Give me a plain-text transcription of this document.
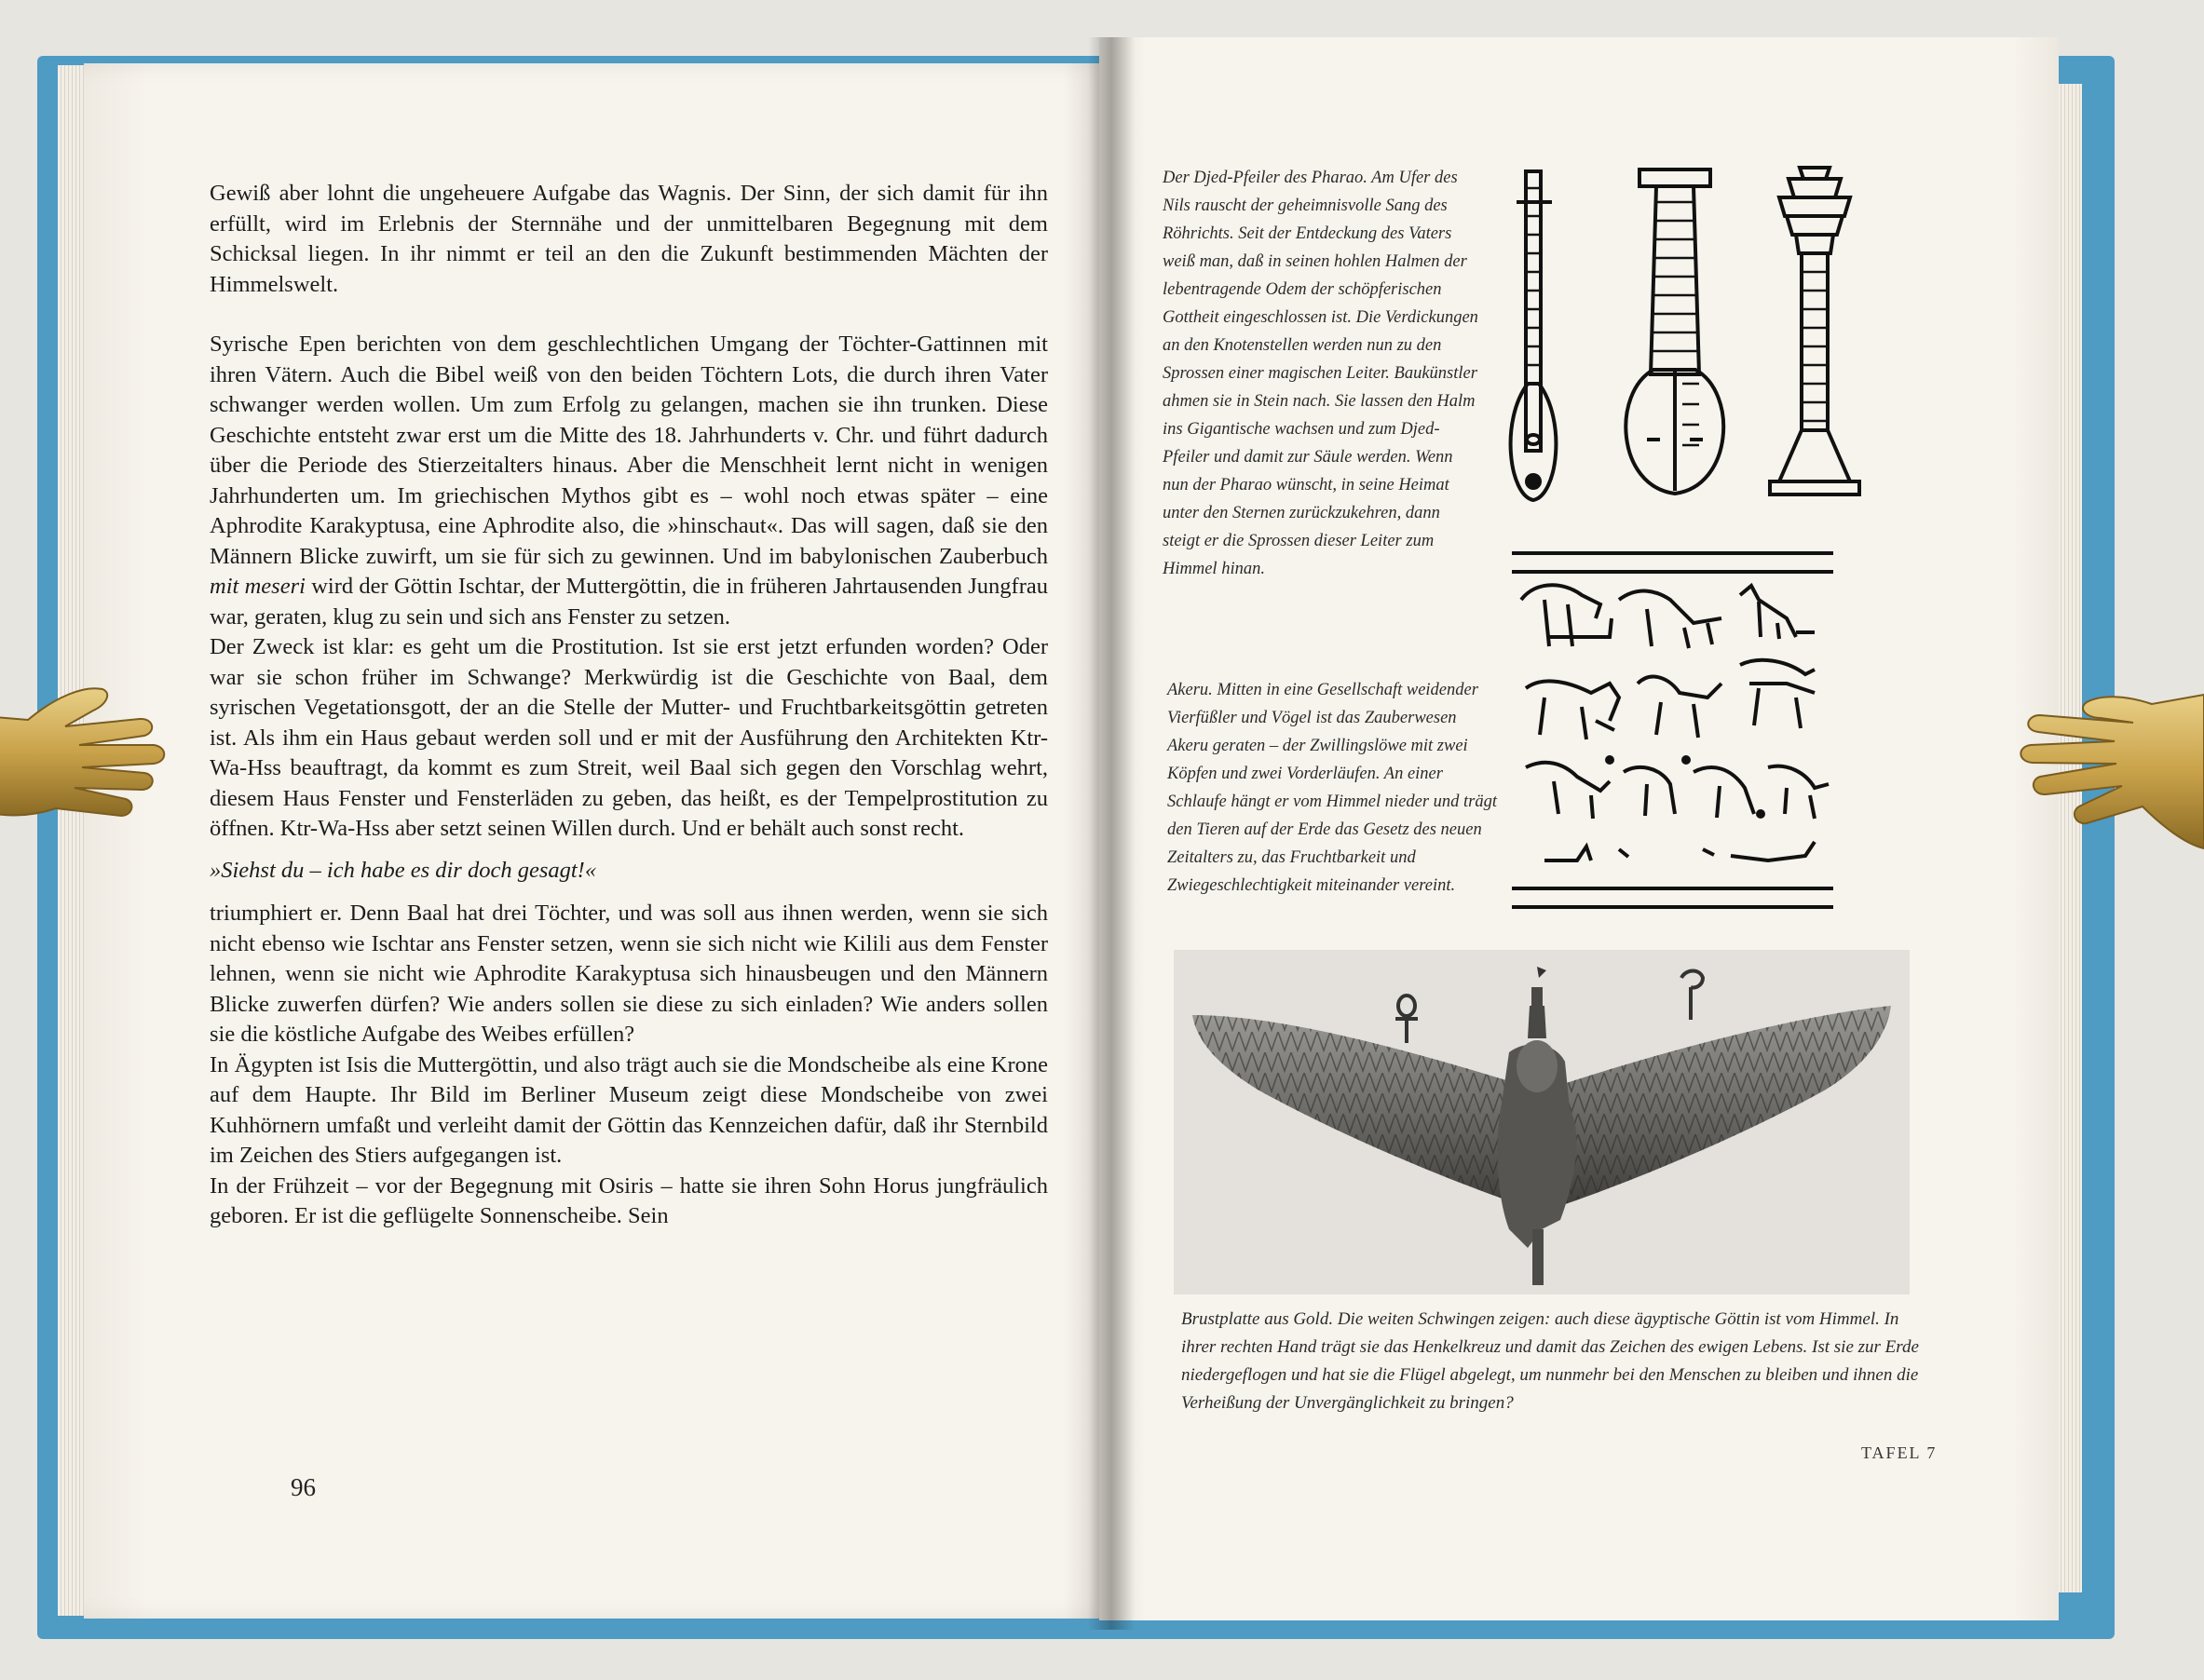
Gewiß aber lohnt die ungeheuere Aufgabe das Wagnis. Der Sinn, der sich damit für ihn erfüllt, wird im Erlebnis der Sternnähe und der unmittelbaren Begegnung mit dem Schicksal liegen. In ihr nimmt er teil an den die Zukunft bestimmenden Mächten der Himmelswelt.

Syrische Epen berichten von dem geschlechtlichen Umgang der Töchter-Gattinnen mit ihren Vätern. Auch die Bibel weiß von den beiden Töchtern Lots, die durch ihren Vater schwanger werden wollen. Um zum Erfolg zu gelangen, machen sie ihn trunken. Diese Geschichte entsteht zwar erst um die Mitte des 18. Jahrhunderts v. Chr. und führt dadurch über die Periode des Stierzeitalters hinaus. Aber die Menschheit lernt nicht in wenigen Jahrhunderten um. Im griechischen Mythos gibt es – wohl noch etwas später – eine Aphrodite Karakyptusa, eine Aphrodite also, die »hinschaut«. Das will sagen, daß sie den Männern Blicke zuwirft, um sie für sich zu gewinnen. Und im babylonischen Zauberbuch mit meseri wird der Göttin Ischtar, der Muttergöttin, die in früheren Jahrtausenden Jungfrau war, geraten, klug zu sein und sich ans Fenster zu setzen.

Der Zweck ist klar: es geht um die Prostitution. Ist sie erst jetzt erfunden worden? Oder war sie schon früher im Schwange? Merkwürdig ist die Geschichte von Baal, dem syrischen Vegetationsgott, der an die Stelle der Mutter- und Fruchtbarkeitsgöttin getreten ist. Als ihm ein Haus gebaut werden soll und er mit der Ausführung den Architekten Ktr-Wa-Hss beauftragt, da kommt es zum Streit, weil Baal sich gegen den Vorschlag wehrt, diesem Haus Fenster und Fensterläden zu geben, das heißt, es der Tempelprostitution zu öffnen. Ktr-Wa-Hss aber setzt seinen Willen durch. Und er behält auch sonst recht.

»Siehst du – ich habe es dir doch gesagt!«

triumphiert er. Denn Baal hat drei Töchter, und was soll aus ihnen werden, wenn sie sich nicht ebenso wie Ischtar ans Fenster setzen, wenn sie sich nicht wie Kilili aus dem Fenster lehnen, wenn sie nicht wie Aphrodite Karakyptusa sich hinausbeugen und den Männern Blicke zuwerfen dürfen? Wie anders sollen sie diese zu sich einladen? Wie anders sollen sie die köstliche Aufgabe des Weibes erfüllen?

In Ägypten ist Isis die Muttergöttin, und also trägt auch sie die Mondscheibe als eine Krone auf dem Haupte. Ihr Bild im Berliner Museum zeigt diese Mondscheibe von zwei Kuhhörnern umfaßt und verleiht damit der Göttin das Kennzeichen dafür, daß ihr Sternbild im Zeichen des Stiers aufgegangen ist.

In der Frühzeit – vor der Begegnung mit Osiris – hatte sie ihren Sohn Horus jungfräulich geboren. Er ist die geflügelte Sonnenscheibe. Sein

96
Der Djed-Pfeiler des Pharao. Am Ufer des Nils rauscht der geheimnisvolle Sang des Röhrichts. Seit der Entdeckung des Vaters weiß man, daß in seinen hohlen Halmen der lebentragende Odem der schöpferischen Gottheit eingeschlossen ist. Die Verdickungen an den Knotenstellen werden nun zu den Sprossen einer magischen Leiter. Baukünstler ahmen sie in Stein nach. Sie lassen den Halm ins Gigantische wachsen und zum Djed-Pfeiler und damit zur Säule werden. Wenn nun der Pharao wünscht, in seine Heimat unter den Sternen zurückzukehren, dann steigt er die Sprossen dieser Leiter zum Himmel hinan.
Akeru. Mitten in eine Gesellschaft weidender Vierfüßler und Vögel ist das Zauberwesen Akeru geraten – der Zwillingslöwe mit zwei Köpfen und zwei Vorderläufen. An einer Schlaufe hängt er vom Himmel nieder und trägt den Tieren auf der Erde das Gesetz des neuen Zeitalters zu, das Fruchtbarkeit und Zwiegeschlechtigkeit miteinander vereint.
Brustplatte aus Gold. Die weiten Schwingen zeigen: auch diese ägyptische Göttin ist vom Himmel. In ihrer rechten Hand trägt sie das Henkelkreuz und damit das Zeichen des ewigen Lebens. Ist sie zur Erde niedergeflogen und hat sie die Flügel abgelegt, um nunmehr bei den Menschen zu bleiben und ihnen die Verheißung der Unvergänglichkeit zu bringen?
TAFEL 7
